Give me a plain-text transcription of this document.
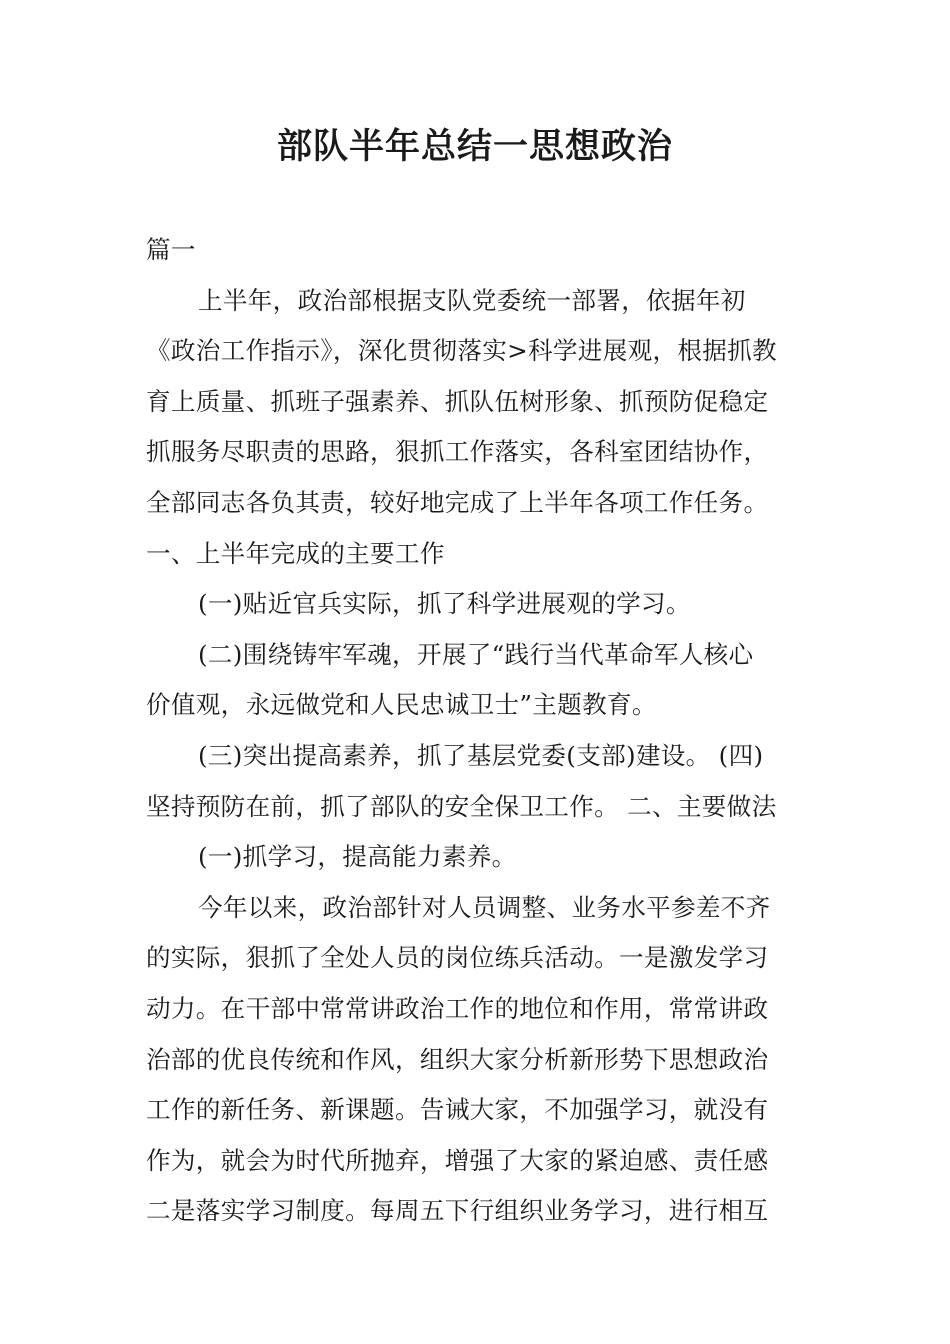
部队半年总结一思想政治

篇一

上半年，政治部根据支队党委统一部署，依据年初

《政治工作指示》，深化贯彻落实>科学进展观，根据抓教

育上质量、抓班子强素养、抓队伍树形象、抓预防促稳定

抓服务尽职责的思路，狠抓工作落实，各科室团结协作，

全部同志各负其责，较好地完成了上半年各项工作任务。

一、上半年完成的主要工作

(一)贴近官兵实际，抓了科学进展观的学习。

(二)围绕铸牢军魂，开展了“践行当代革命军人核心

价值观，永远做党和人民忠诚卫士”主题教育。

(三)突出提高素养，抓了基层党委(支部)建设。 (四)

坚持预防在前，抓了部队的安全保卫工作。 二、主要做法

(一)抓学习，提高能力素养。

今年以来，政治部针对人员调整、业务水平参差不齐

的实际，狠抓了全处人员的岗位练兵活动。一是激发学习

动力。在干部中常常讲政治工作的地位和作用，常常讲政

治部的优良传统和作风，组织大家分析新形势下思想政治

工作的新任务、新课题。告诫大家，不加强学习，就没有

作为，就会为时代所抛弃，增强了大家的紧迫感、责任感

二是落实学习制度。每周五下行组织业务学习，进行相互
